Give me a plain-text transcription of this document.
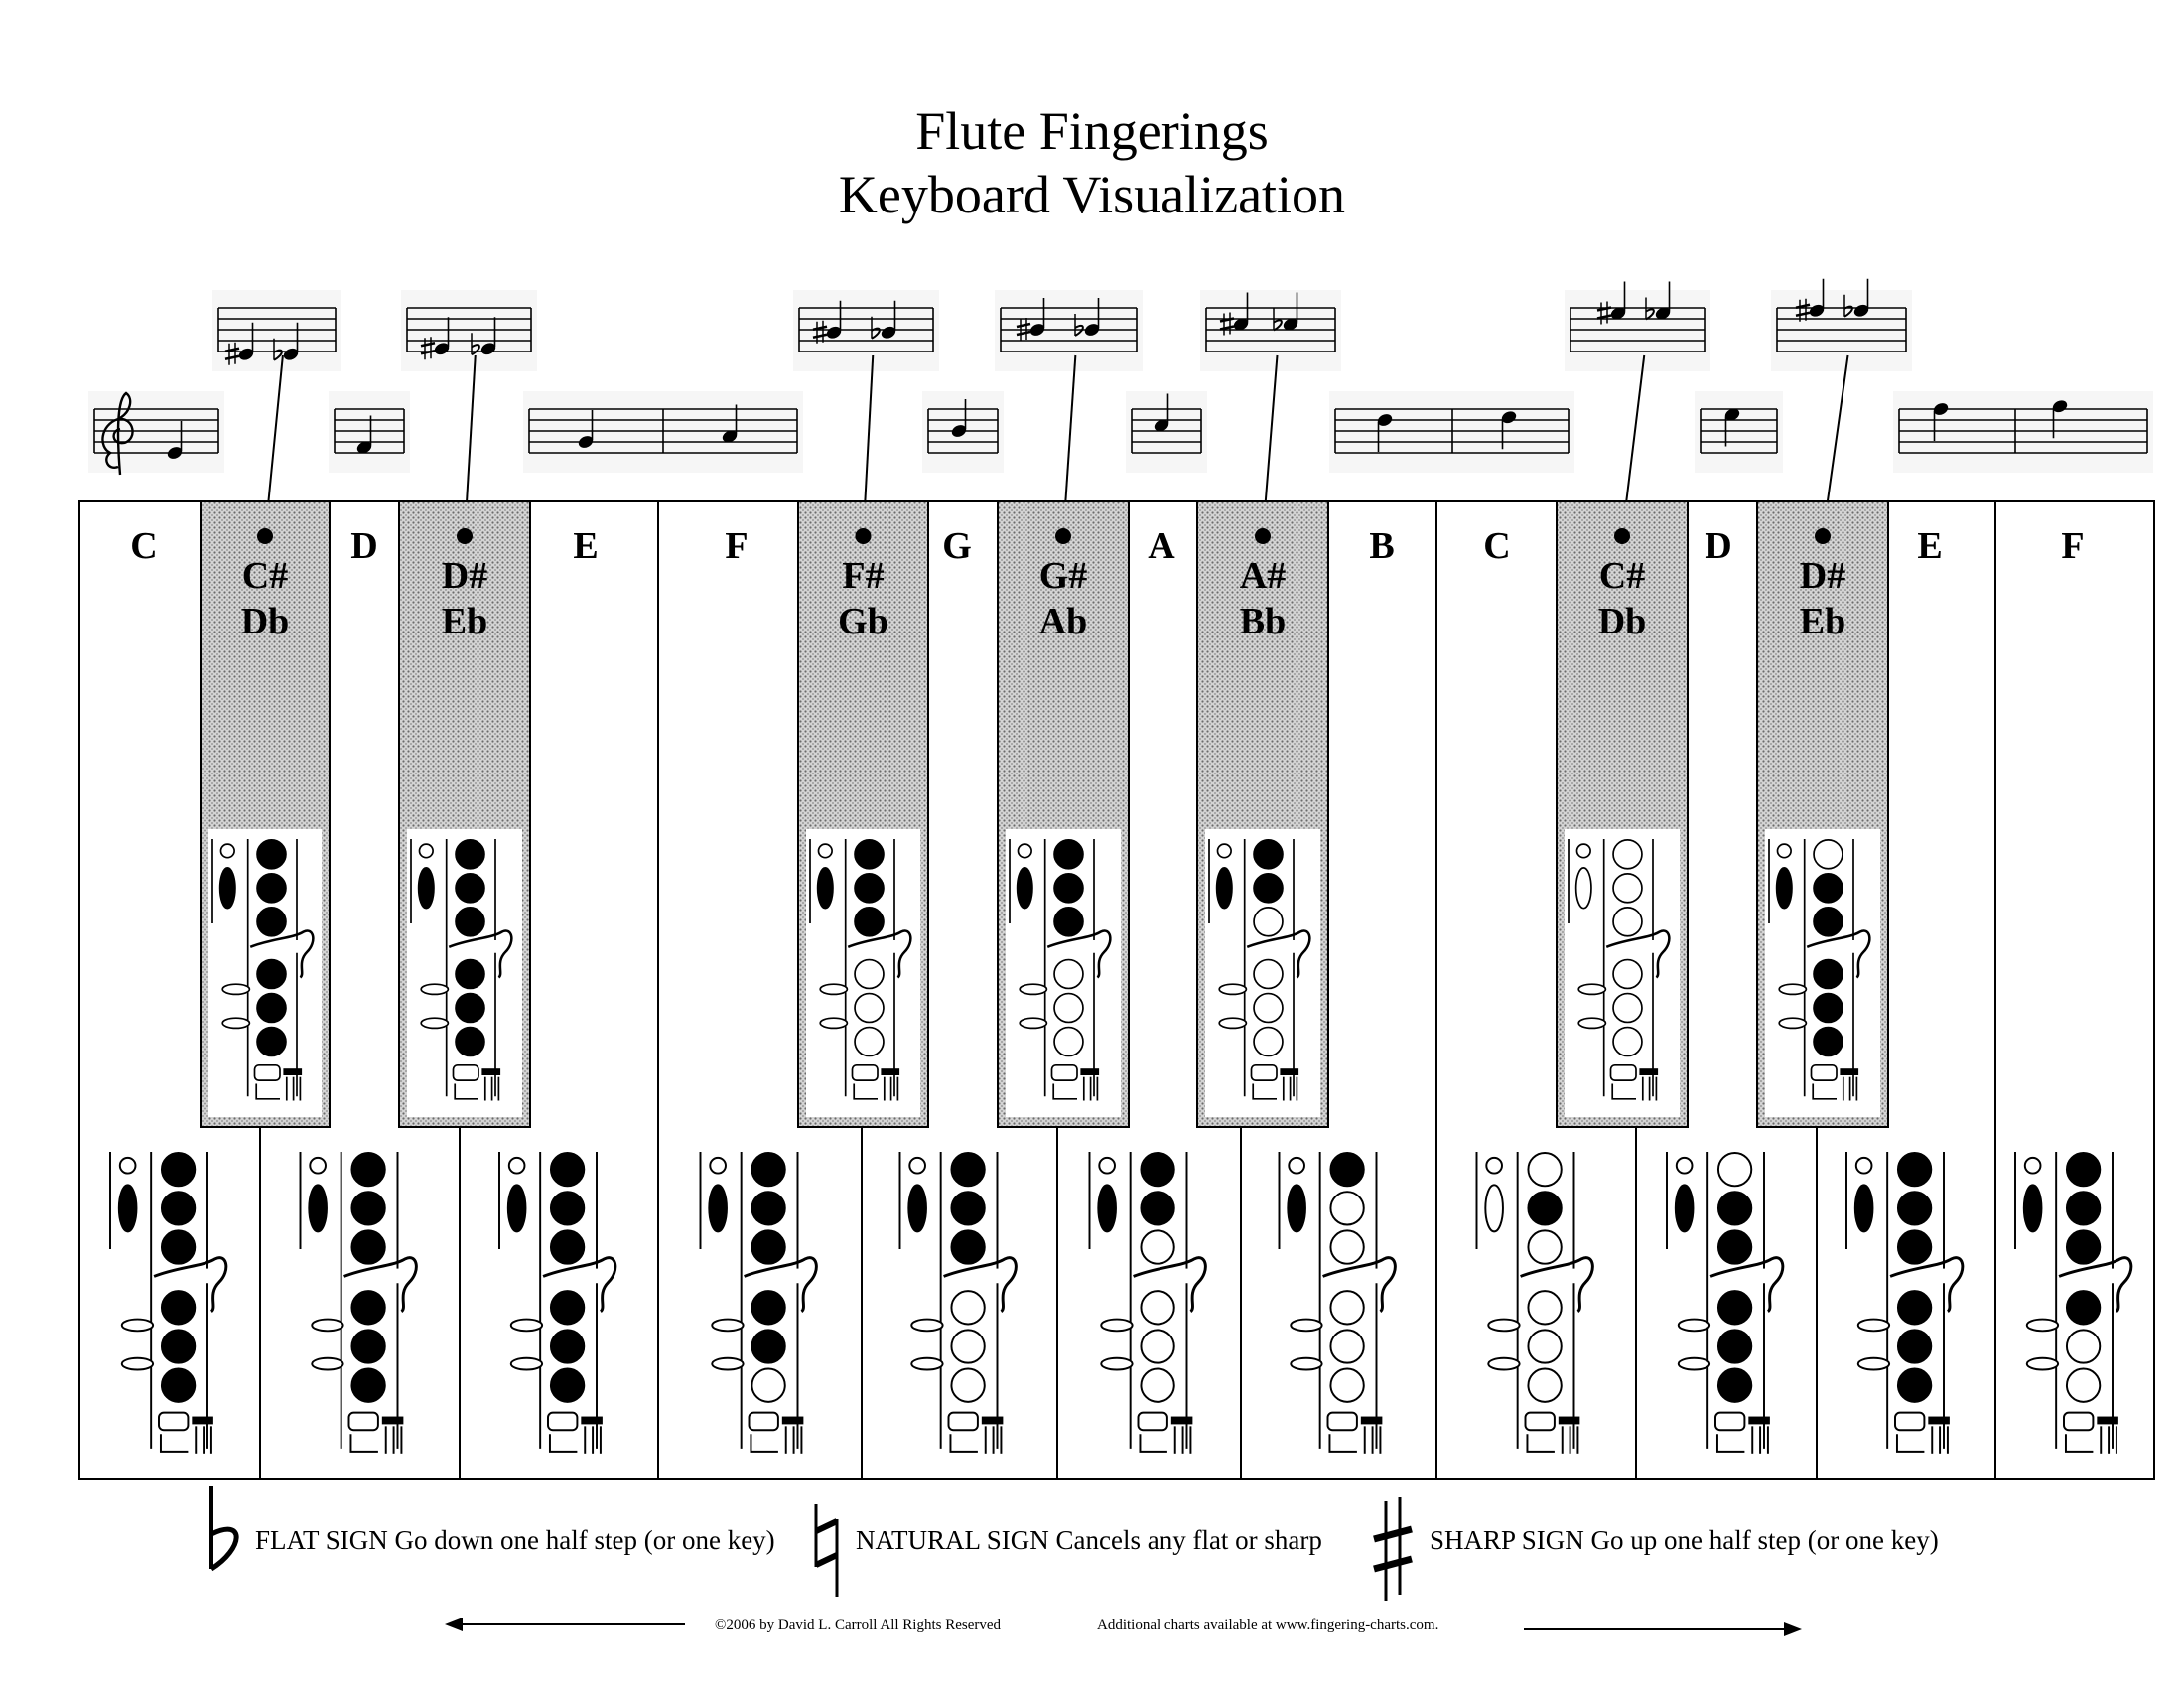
Flute Fingerings
Keyboard Visualization
C	D	E	F	G	A	B C	D	E	F
C#
Db
D#
Eb
F#
Gb
G#
Ab
A#
Bb
C#
Db
D#
Eb
FLAT SIGN Go down one half step (or one key)	NATURAL SIGN Cancels any flat or sharp	SHARP SIGN Go up one half step (or one key)
©2006 by David L. Carroll All Rights Reserved	Additional charts available at www.fingering-charts.com.
